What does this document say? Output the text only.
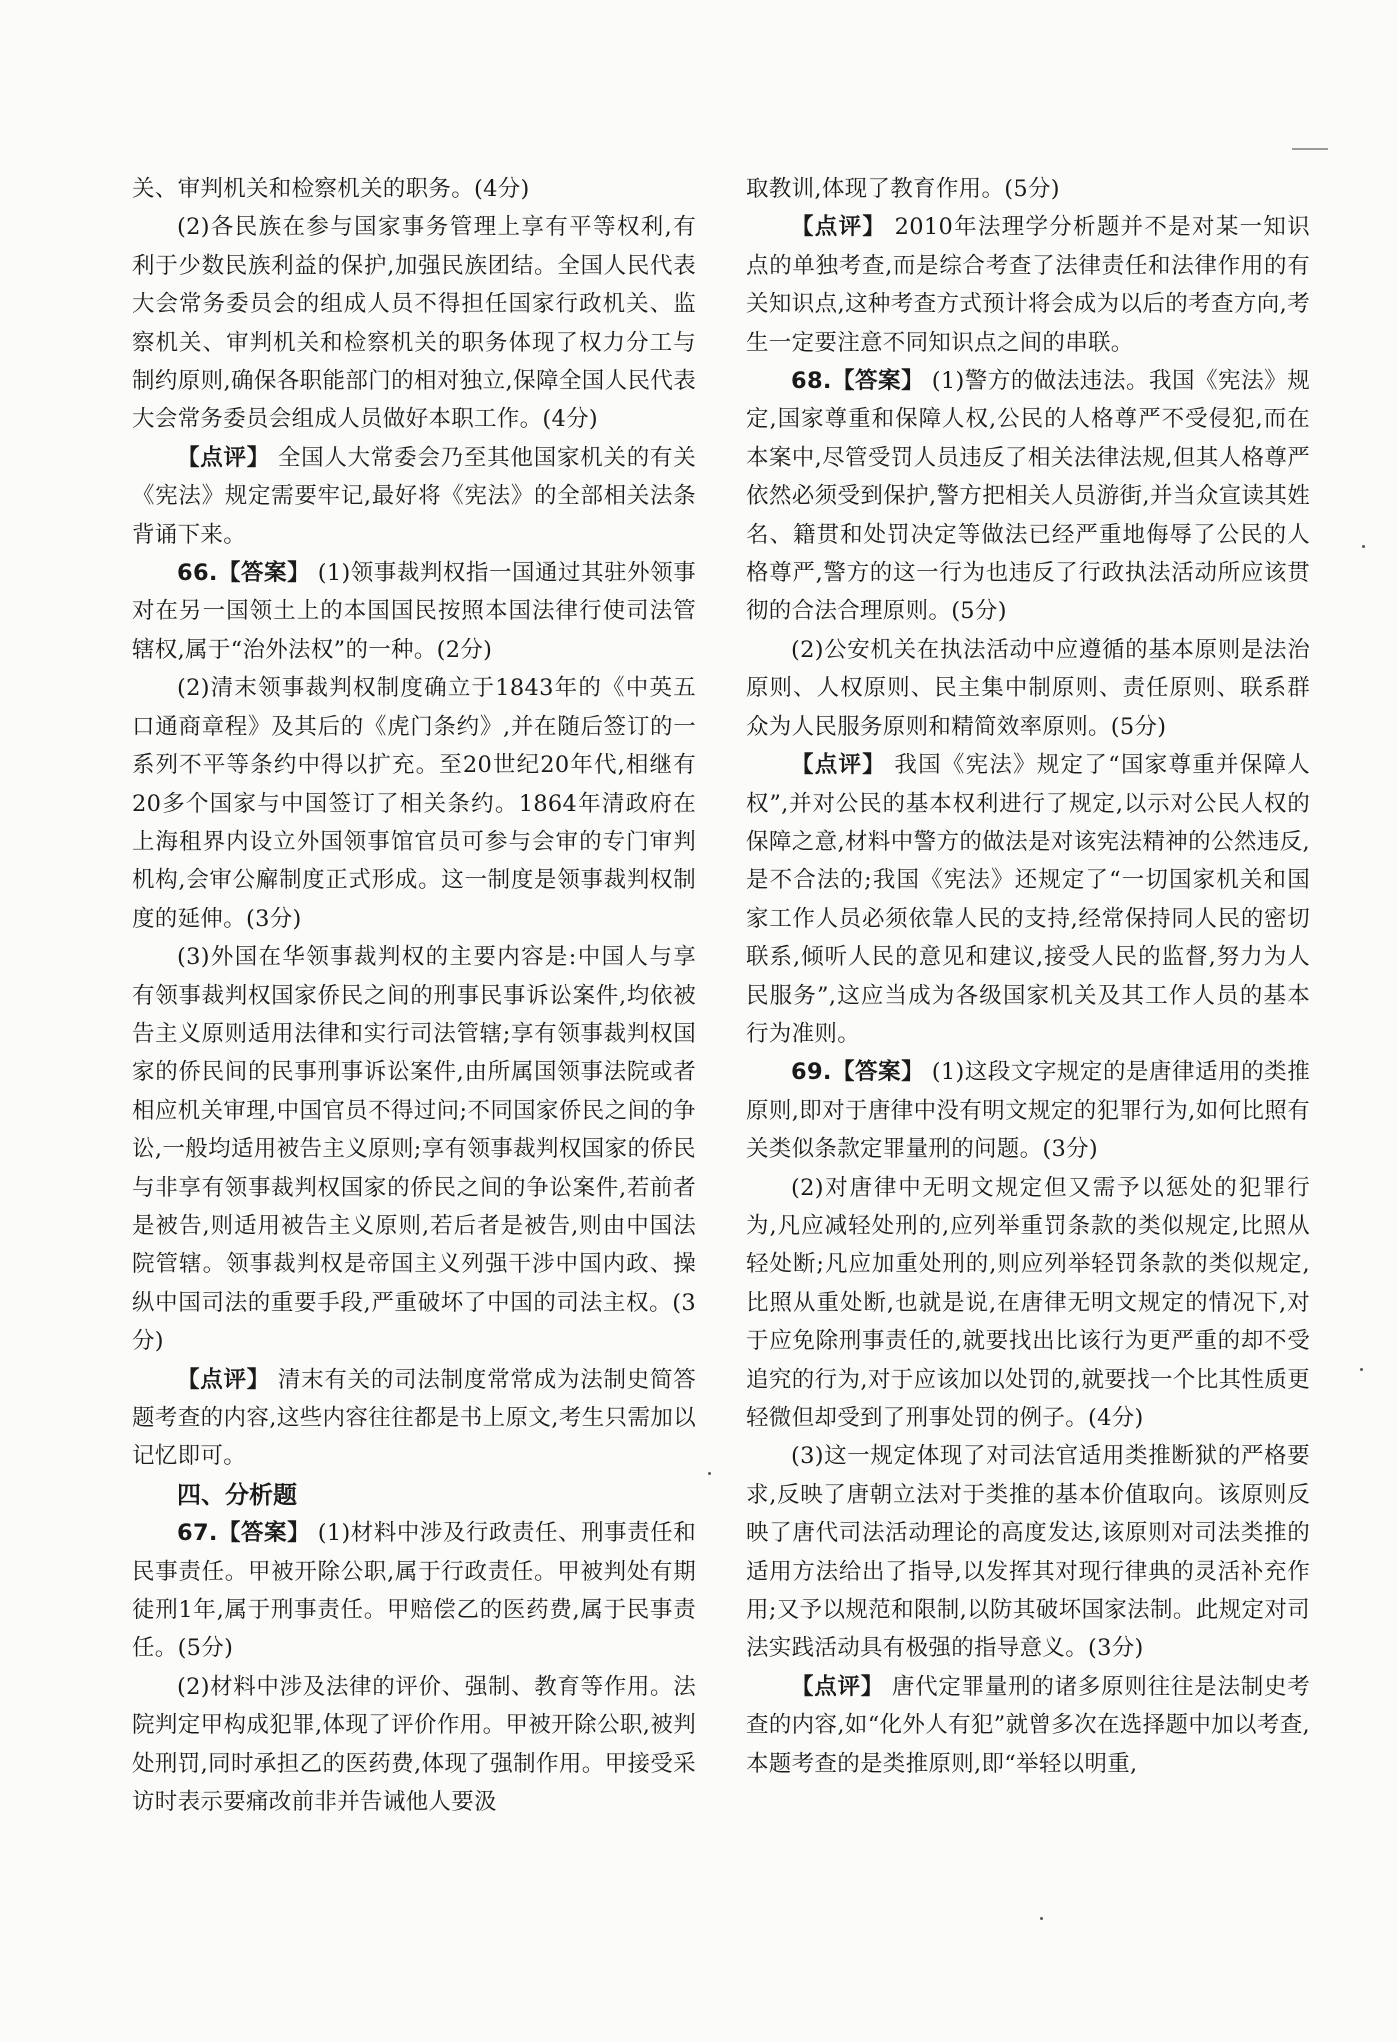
关、审判机关和检察机关的职务。(4分)

(2)各民族在参与国家事务管理上享有平等权利,有利于少数民族利益的保护,加强民族团结。全国人民代表大会常务委员会的组成人员不得担任国家行政机关、监察机关、审判机关和检察机关的职务体现了权力分工与制约原则,确保各职能部门的相对独立,保障全国人民代表大会常务委员会组成人员做好本职工作。(4分)

【点评】 全国人大常委会乃至其他国家机关的有关《宪法》规定需要牢记,最好将《宪法》的全部相关法条背诵下来。

66.【答案】 (1)领事裁判权指一国通过其驻外领事对在另一国领土上的本国国民按照本国法律行使司法管辖权,属于“治外法权”的一种。(2分)

(2)清末领事裁判权制度确立于1843年的《中英五口通商章程》及其后的《虎门条约》,并在随后签订的一系列不平等条约中得以扩充。至20世纪20年代,相继有20多个国家与中国签订了相关条约。1864年清政府在上海租界内设立外国领事馆官员可参与会审的专门审判机构,会审公廨制度正式形成。这一制度是领事裁判权制度的延伸。(3分)

(3)外国在华领事裁判权的主要内容是:中国人与享有领事裁判权国家侨民之间的刑事民事诉讼案件,均依被告主义原则适用法律和实行司法管辖;享有领事裁判权国家的侨民间的民事刑事诉讼案件,由所属国领事法院或者相应机关审理,中国官员不得过问;不同国家侨民之间的争讼,一般均适用被告主义原则;享有领事裁判权国家的侨民与非享有领事裁判权国家的侨民之间的争讼案件,若前者是被告,则适用被告主义原则,若后者是被告,则由中国法院管辖。领事裁判权是帝国主义列强干涉中国内政、操纵中国司法的重要手段,严重破坏了中国的司法主权。(3分)

【点评】 清末有关的司法制度常常成为法制史简答题考查的内容,这些内容往往都是书上原文,考生只需加以记忆即可。

四、分析题

67.【答案】 (1)材料中涉及行政责任、刑事责任和民事责任。甲被开除公职,属于行政责任。甲被判处有期徒刑1年,属于刑事责任。甲赔偿乙的医药费,属于民事责任。(5分)

(2)材料中涉及法律的评价、强制、教育等作用。法院判定甲构成犯罪,体现了评价作用。甲被开除公职,被判处刑罚,同时承担乙的医药费,体现了强制作用。甲接受采访时表示要痛改前非并告诫他人要汲

取教训,体现了教育作用。(5分)

【点评】 2010年法理学分析题并不是对某一知识点的单独考查,而是综合考查了法律责任和法律作用的有关知识点,这种考查方式预计将会成为以后的考查方向,考生一定要注意不同知识点之间的串联。

68.【答案】 (1)警方的做法违法。我国《宪法》规定,国家尊重和保障人权,公民的人格尊严不受侵犯,而在本案中,尽管受罚人员违反了相关法律法规,但其人格尊严依然必须受到保护,警方把相关人员游街,并当众宣读其姓名、籍贯和处罚决定等做法已经严重地侮辱了公民的人格尊严,警方的这一行为也违反了行政执法活动所应该贯彻的合法合理原则。(5分)

(2)公安机关在执法活动中应遵循的基本原则是法治原则、人权原则、民主集中制原则、责任原则、联系群众为人民服务原则和精简效率原则。(5分)

【点评】 我国《宪法》规定了“国家尊重并保障人权”,并对公民的基本权利进行了规定,以示对公民人权的保障之意,材料中警方的做法是对该宪法精神的公然违反,是不合法的;我国《宪法》还规定了“一切国家机关和国家工作人员必须依靠人民的支持,经常保持同人民的密切联系,倾听人民的意见和建议,接受人民的监督,努力为人民服务”,这应当成为各级国家机关及其工作人员的基本行为准则。

69.【答案】 (1)这段文字规定的是唐律适用的类推原则,即对于唐律中没有明文规定的犯罪行为,如何比照有关类似条款定罪量刑的问题。(3分)

(2)对唐律中无明文规定但又需予以惩处的犯罪行为,凡应减轻处刑的,应列举重罚条款的类似规定,比照从轻处断;凡应加重处刑的,则应列举轻罚条款的类似规定,比照从重处断,也就是说,在唐律无明文规定的情况下,对于应免除刑事责任的,就要找出比该行为更严重的却不受追究的行为,对于应该加以处罚的,就要找一个比其性质更轻微但却受到了刑事处罚的例子。(4分)

(3)这一规定体现了对司法官适用类推断狱的严格要求,反映了唐朝立法对于类推的基本价值取向。该原则反映了唐代司法活动理论的高度发达,该原则对司法类推的适用方法给出了指导,以发挥其对现行律典的灵活补充作用;又予以规范和限制,以防其破坏国家法制。此规定对司法实践活动具有极强的指导意义。(3分)

【点评】 唐代定罪量刑的诸多原则往往是法制史考查的内容,如“化外人有犯”就曾多次在选择题中加以考查,本题考查的是类推原则,即“举轻以明重,
